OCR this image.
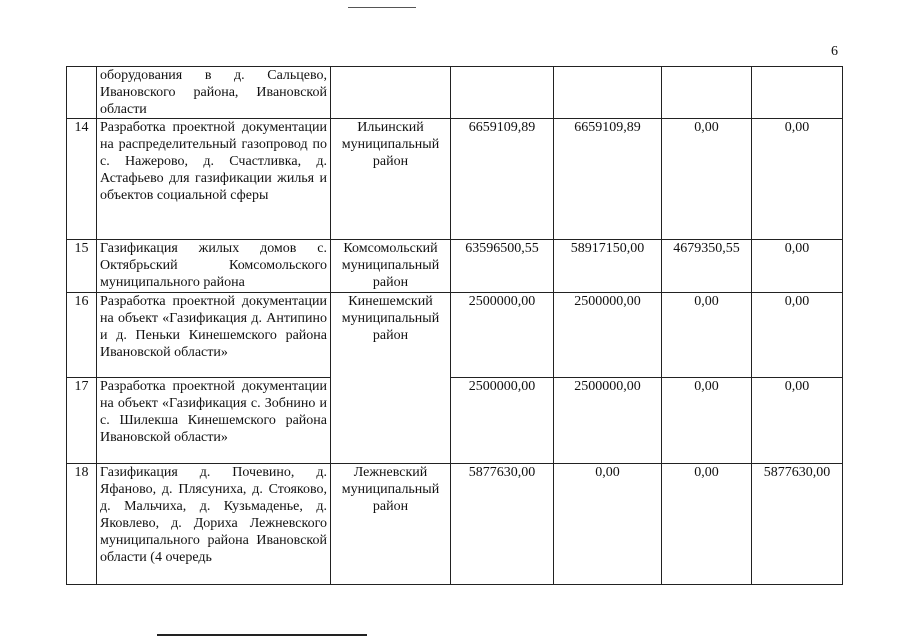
6
	оборудования в д. Сальцево, Ивановского района, Ивановской области					
14	Разработка проектной документации на распределительный газопровод по с. Нажерово, д. Счастливка, д. Астафьево для газификации жилья и объектов социальной сферы	Ильинский муниципальный район	6659109,89	6659109,89	0,00	0,00
15	Газификация жилых домов с. Октябрьский Комсомольского муниципального района	Комсомольский муниципальный район	63596500,55	58917150,00	4679350,55	0,00
16	Разработка проектной документации на объект «Газификация д. Антипино и д. Пеньки Кинешемского района Ивановской области»	Кинешемский муниципальный район	2500000,00	2500000,00	0,00	0,00
17	Разработка проектной документации на объект «Газификация с. Зобнино и с. Шилекша Кинешемского района Ивановской области»		2500000,00	2500000,00	0,00	0,00
18	Газификация д. Почевино, д. Яфаново, д. Плясуниха, д. Стояково, д. Мальчиха, д. Кузьмаденье, д. Яковлево, д. Дориха Лежневского муниципального района Ивановской области (4 очередь	Лежневский муниципальный район	5877630,00	0,00	0,00	5877630,00
